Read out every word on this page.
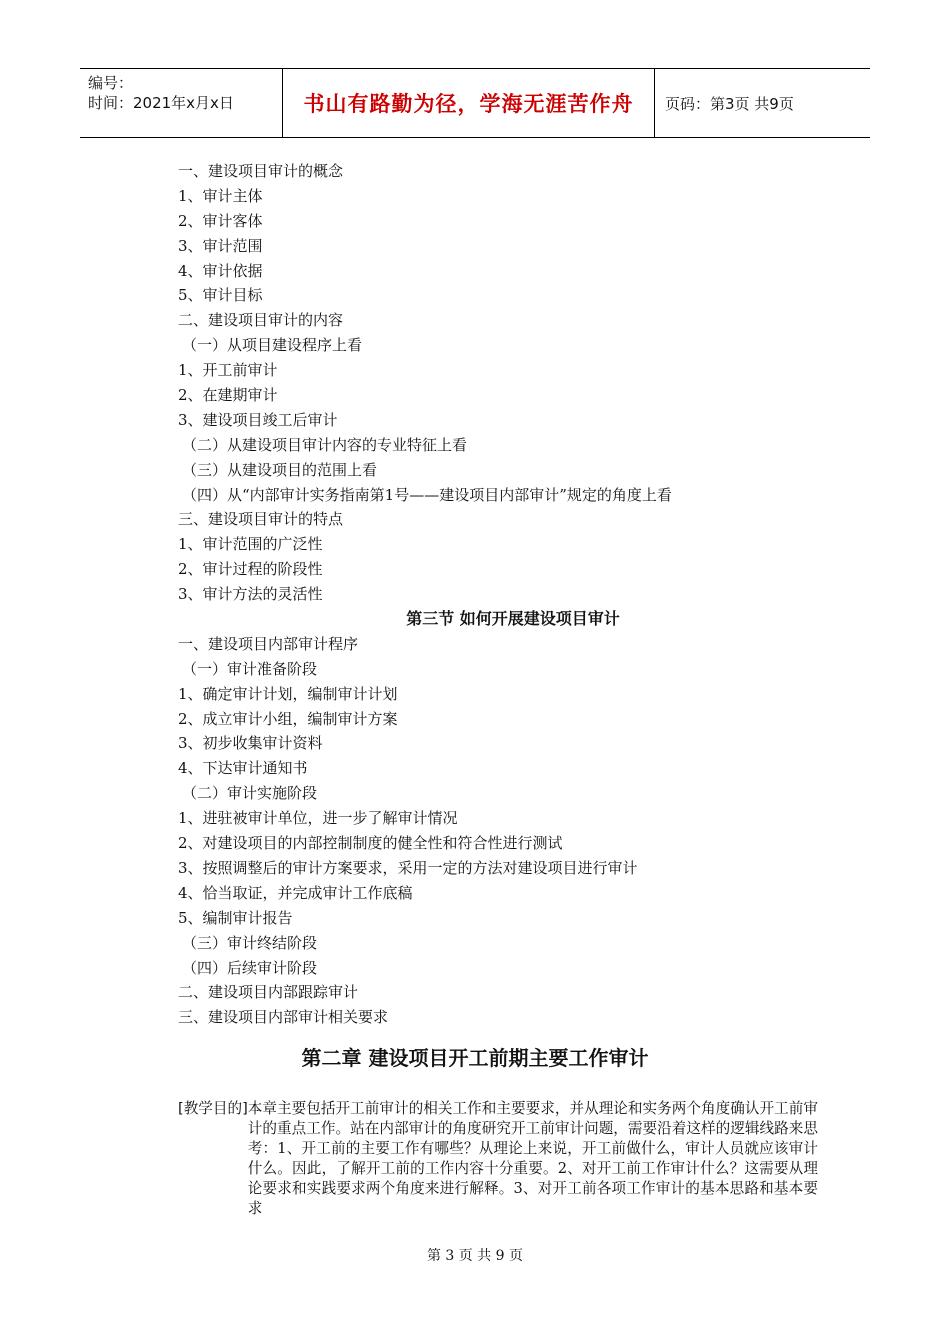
编号：
时间：2021年x月x日	书山有路勤为径，学海无涯苦作舟 页码：第3页 共9页
一、建设项目审计的概念
1、审计主体
2、审计客体
3、审计范围
4、审计依据
5、审计目标
二、建设项目审计的内容
（一）从项目建设程序上看
1、开工前审计
2、在建期审计
3、建设项目竣工后审计
（二）从建设项目审计内容的专业特征上看
（三）从建设项目的范围上看
（四）从“内部审计实务指南第1号——建设项目内部审计”规定的角度上看
三、建设项目审计的特点
1、审计范围的广泛性
2、审计过程的阶段性
3、审计方法的灵活性
第三节 如何开展建设项目审计
一、建设项目内部审计程序
（一）审计准备阶段
1、确定审计计划，编制审计计划
2、成立审计小组，编制审计方案
3、初步收集审计资料
4、下达审计通知书
（二）审计实施阶段
1、进驻被审计单位，进一步了解审计情况
2、对建设项目的内部控制制度的健全性和符合性进行测试
3、按照调整后的审计方案要求，采用一定的方法对建设项目进行审计
4、恰当取证，并完成审计工作底稿
5、编制审计报告
（三）审计终结阶段
（四）后续审计阶段
二、建设项目内部跟踪审计
三、建设项目内部审计相关要求
第二章 建设项目开工前期主要工作审计
[教学目的] 本章主要包括开工前审计的相关工作和主要要求，并从理论和实务两个角度确认开工前审计的重点工作。站在内部审计的角度研究开工前审计问题，需要沿着这样的逻辑线路来思考：1、开工前的主要工作有哪些？从理论上来说，开工前做什么，审计人员就应该审计什么。因此，了解开工前的工作内容十分重要。2、对开工前工作审计什么？这需要从理论要求和实践要求两个角度来进行解释。3、对开工前各项工作审计的基本思路和基本要求
第 3 页 共 9 页
